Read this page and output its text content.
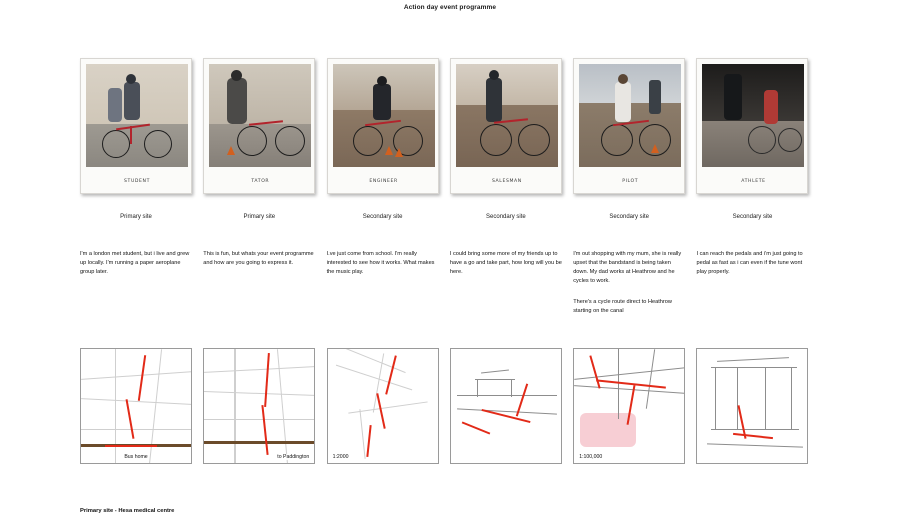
Action day event programme
STUDENT
Primary site
I'm a london met student, but i live and grew up locally. I'm running a paper aeroplane group later.
TATOR
Primary site
This is fun, but whats your event programme and how are you going to express it.
ENGINEER
Secondary site
I.ve just come from school. I'm really interested to see how it works. What makes the music play.
SALESMAN
Secondary site
I could bring some more of my friends up to have a go and take part, how long will you be here.
PILOT
Secondary site
I'm out shopping with my mum, she is really upset that the bandstand is being taken down. My dad works at Heathrow and he cycles to work.
There's a cycle route direct to Heathrow starting on the canal
ATHLETE
Secondary site
I can reach the pedals and i'm just going to pedal as fast as i can even if the tune wont play properly.
Bus home	to Paddington	1:2000	1:100,000
Primary site - Hesa medical centre
